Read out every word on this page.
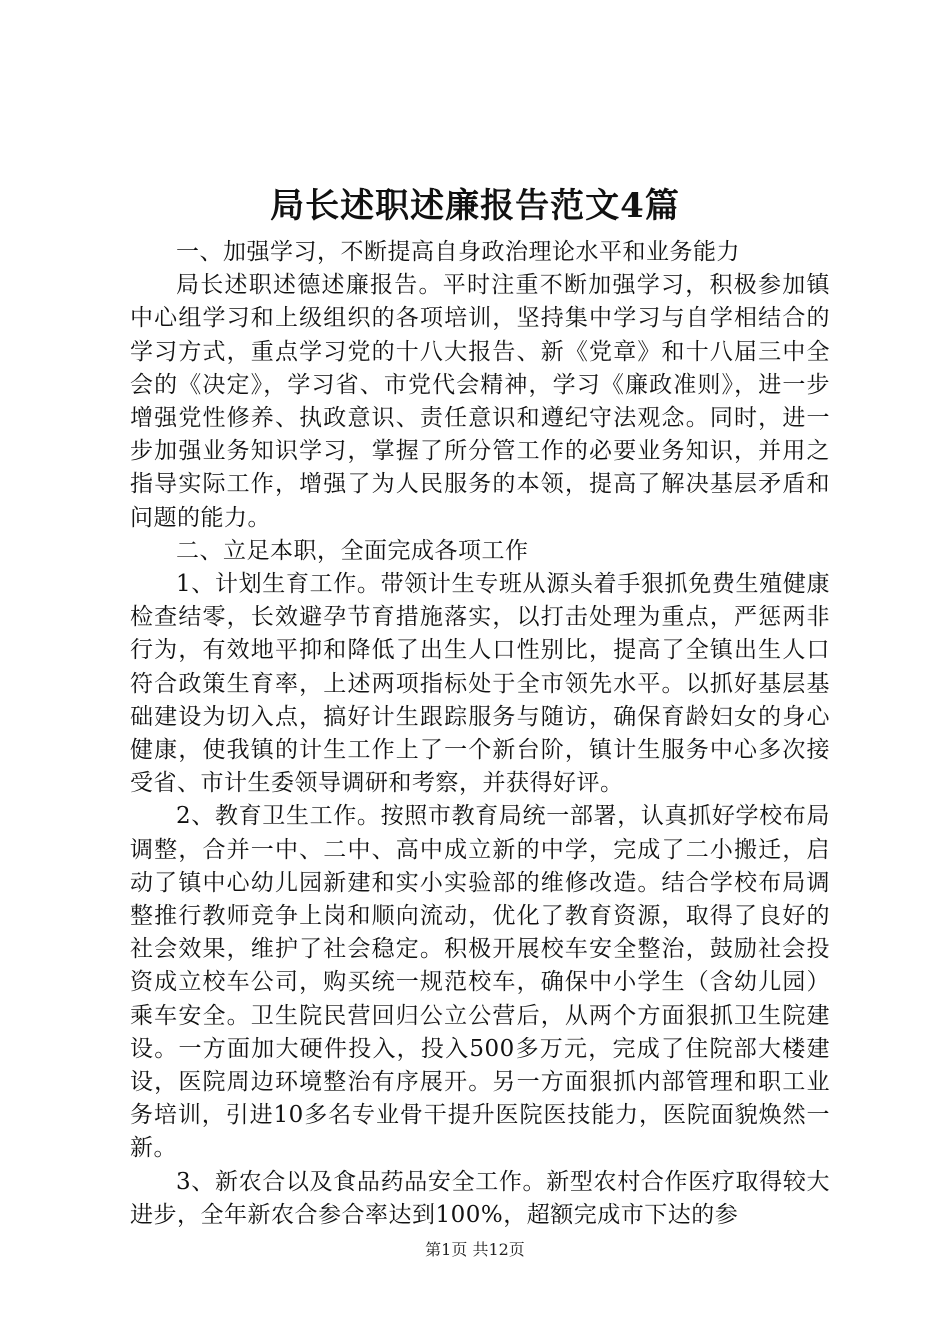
局长述职述廉报告范文4篇

一、加强学习，不断提高自身政治理论水平和业务能力

局长述职述德述廉报告。平时注重不断加强学习，积极参加镇中心组学习和上级组织的各项培训，坚持集中学习与自学相结合的学习方式，重点学习党的十八大报告、新《党章》和十八届三中全会的《决定》，学习省、市党代会精神，学习《廉政准则》，进一步增强党性修养、执政意识、责任意识和遵纪守法观念。同时，进一步加强业务知识学习，掌握了所分管工作的必要业务知识，并用之指导实际工作，增强了为人民服务的本领，提高了解决基层矛盾和问题的能力。

二、立足本职，全面完成各项工作

1、计划生育工作。带领计生专班从源头着手狠抓免费生殖健康检查结零，长效避孕节育措施落实，以打击处理为重点，严惩两非行为，有效地平抑和降低了出生人口性别比，提高了全镇出生人口符合政策生育率，上述两项指标处于全市领先水平。以抓好基层基础建设为切入点，搞好计生跟踪服务与随访，确保育龄妇女的身心健康，使我镇的计生工作上了一个新台阶，镇计生服务中心多次接受省、市计生委领导调研和考察，并获得好评。

2、教育卫生工作。按照市教育局统一部署，认真抓好学校布局调整，合并一中、二中、高中成立新的中学，完成了二小搬迁，启动了镇中心幼儿园新建和实小实验部的维修改造。结合学校布局调整推行教师竞争上岗和顺向流动，优化了教育资源，取得了良好的社会效果，维护了社会稳定。积极开展校车安全整治，鼓励社会投资成立校车公司，购买统一规范校车，确保中小学生（含幼儿园）乘车安全。卫生院民营回归公立公营后，从两个方面狠抓卫生院建设。一方面加大硬件投入，投入500多万元，完成了住院部大楼建设，医院周边环境整治有序展开。另一方面狠抓内部管理和职工业务培训，引进10多名专业骨干提升医院医技能力，医院面貌焕然一新。

3、新农合以及食品药品安全工作。新型农村合作医疗取得较大进步，全年新农合参合率达到100%，超额完成市下达的参

第1页 共12页
